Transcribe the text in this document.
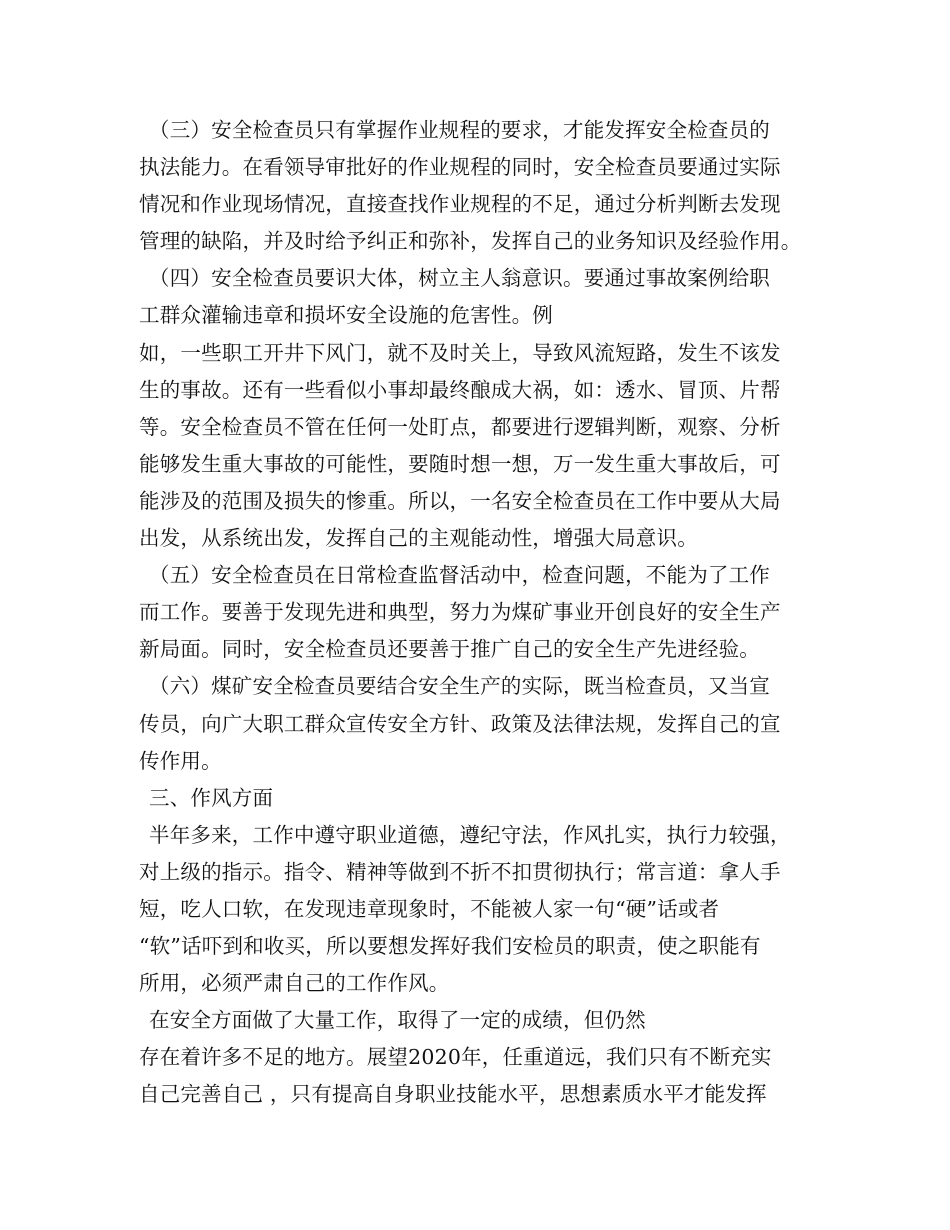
（三）安全检查员只有掌握作业规程的要求，才能发挥安全检查员的
执法能力。在看领导审批好的作业规程的同时，安全检查员要通过实际
情况和作业现场情况，直接查找作业规程的不足，通过分析判断去发现
管理的缺陷，并及时给予纠正和弥补，发挥自己的业务知识及经验作用。
（四）安全检查员要识大体，树立主人翁意识。要通过事故案例给职
工群众灌输违章和损坏安全设施的危害性。例
如，一些职工开井下风门，就不及时关上，导致风流短路，发生不该发
生的事故。还有一些看似小事却最终酿成大祸，如：透水、冒顶、片帮
等。安全检查员不管在任何一处盯点，都要进行逻辑判断，观察、分析
能够发生重大事故的可能性，要随时想一想，万一发生重大事故后，可
能涉及的范围及损失的惨重。所以，一名安全检查员在工作中要从大局
出发，从系统出发，发挥自己的主观能动性，增强大局意识。
（五）安全检查员在日常检查监督活动中，检查问题，不能为了工作
而工作。要善于发现先进和典型，努力为煤矿事业开创良好的安全生产
新局面。同时，安全检查员还要善于推广自己的安全生产先进经验。
（六）煤矿安全检查员要结合安全生产的实际，既当检查员，又当宣
传员，向广大职工群众宣传安全方针、政策及法律法规，发挥自己的宣
传作用。
三、作风方面
半年多来，工作中遵守职业道德，遵纪守法，作风扎实，执行力较强，
对上级的指示。指令、精神等做到不折不扣贯彻执行；常言道：拿人手
短，吃人口软，在发现违章现象时，不能被人家一句“硬”话或者
“软”话吓到和收买，所以要想发挥好我们安检员的职责，使之职能有
所用，必须严肃自己的工作作风。
在安全方面做了大量工作，取得了一定的成绩，但仍然
存在着许多不足的地方。展望2020年，任重道远，我们只有不断充实
自己完善自己 ，只有提高自身职业技能水平，思想素质水平才能发挥
